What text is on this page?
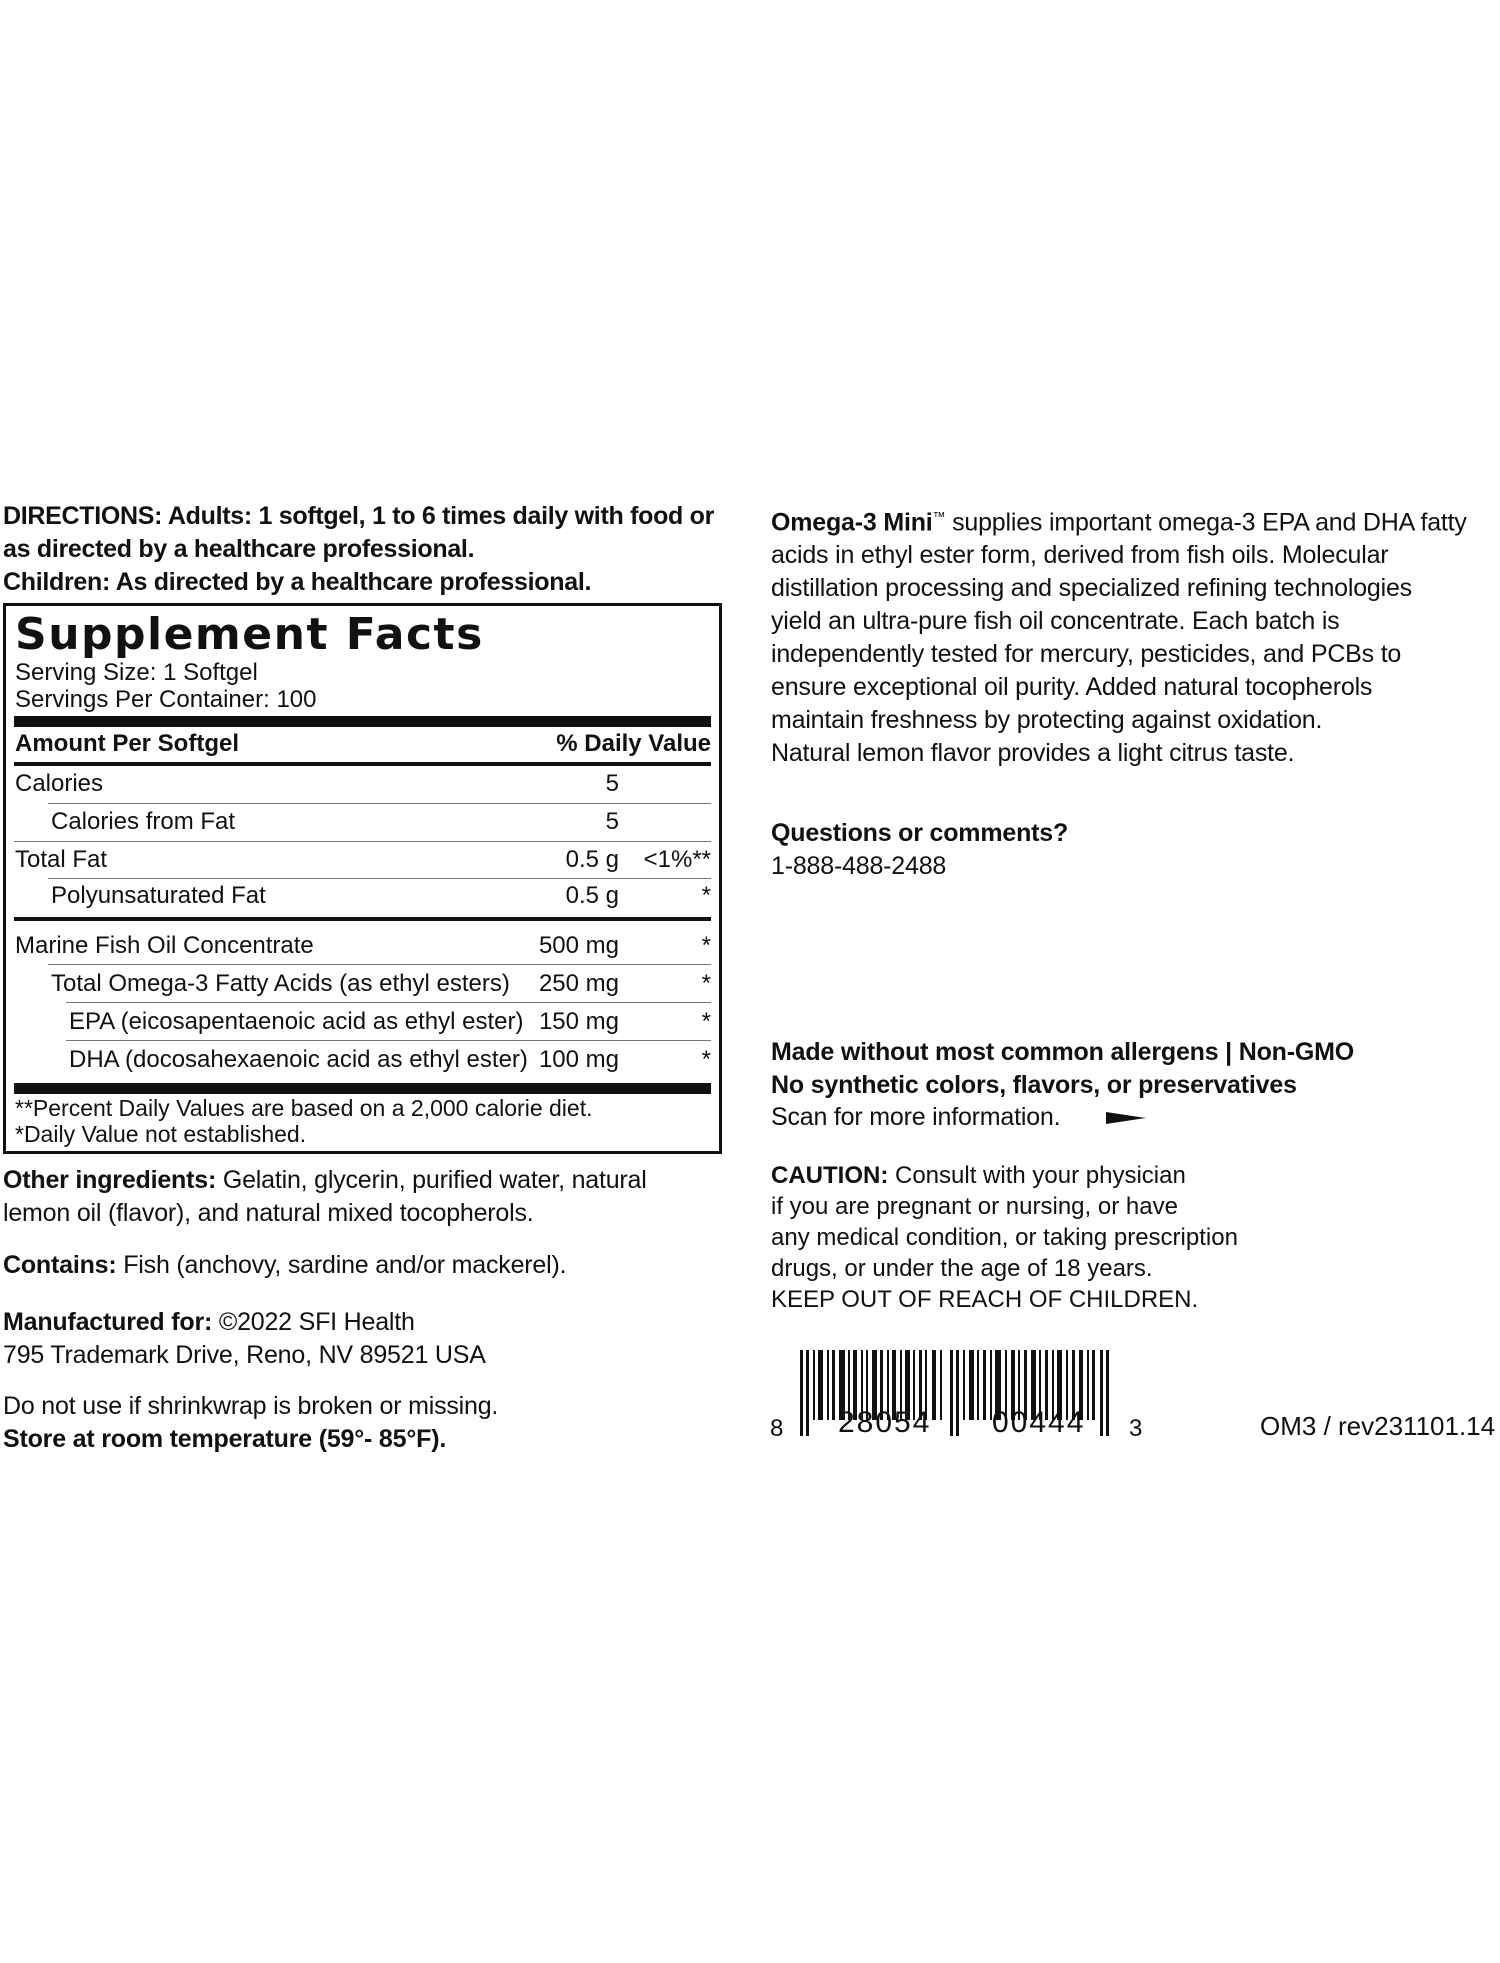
DIRECTIONS: Adults: 1 softgel, 1 to 6 times daily with food or
as directed by a healthcare professional.
Children: As directed by a healthcare professional.
Supplement Facts
Serving Size: 1 Softgel
Servings Per Container: 100
Amount Per Softgel	% Daily Value
Calories	5
Calories from Fat	5
Total Fat	0.5 g	<1%**
Polyunsaturated Fat	0.5 g	*
Marine Fish Oil Concentrate	500 mg	*
Total Omega-3 Fatty Acids (as ethyl esters) 250 mg	*
EPA (eicosapentaenoic acid as ethyl ester) 150 mg	*
DHA (docosahexaenoic acid as ethyl ester) 100 mg	*
**Percent Daily Values are based on a 2,000 calorie diet.
*Daily Value not established.
Other ingredients: Gelatin, glycerin, purified water, natural
lemon oil (flavor), and natural mixed tocopherols.
Contains: Fish (anchovy, sardine and/or mackerel).
Manufactured for: ©2022 SFI Health
795 Trademark Drive, Reno, NV 89521 USA
Do not use if shrinkwrap is broken or missing.
Store at room temperature (59°- 85°F).
Omega-3 Mini™ supplies important omega-3 EPA and DHA fatty
acids in ethyl ester form, derived from fish oils. Molecular
distillation processing and specialized refining technologies
yield an ultra-pure fish oil concentrate. Each batch is
independently tested for mercury, pesticides, and PCBs to
ensure exceptional oil purity. Added natural tocopherols
maintain freshness by protecting against oxidation.
Natural lemon flavor provides a light citrus taste.
Questions or comments?
1-888-488-2488
Made without most common allergens | Non-GMO
No synthetic colors, flavors, or preservatives
Scan for more information.
CAUTION: Consult with your physician
if you are pregnant or nursing, or have
any medical condition, or taking prescription
drugs, or under the age of 18 years.
KEEP OUT OF REACH OF CHILDREN.
8 28054 00444 3	OM3 / rev231101.14
